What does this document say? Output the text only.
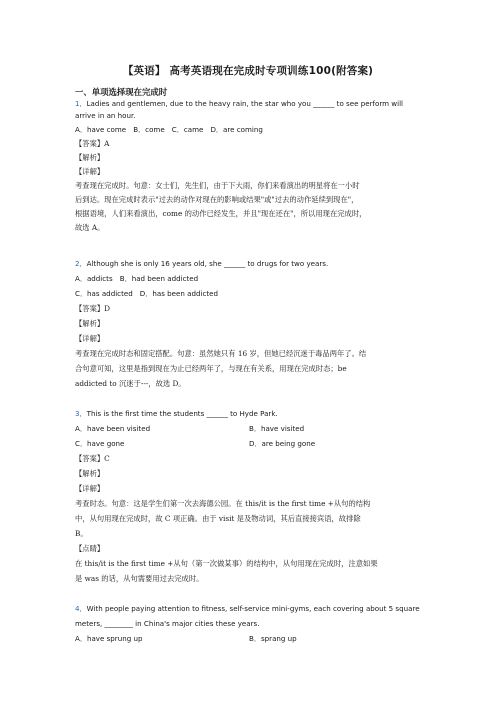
【英语】 高考英语现在完成时专项训练100(附答案)
一、单项选择现在完成时
1．Ladies and gentlemen, due to the heavy rain, the star who you ______ to see perform will
arrive in an hour.
A．have come　B．come　C．came　D．are coming
【答案】A
【解析】
【详解】
考查现在完成时。句意：女士们，先生们，由于下大雨，你们来看演出的明星将在一小时
后到达。现在完成时表示"过去的动作对现在的影响或结果"或"过去的动作延续到现在"，
根据语境，人们来看演出，come 的动作已经发生，并且"现在还在"，所以用现在完成时，
故选 A。
2．Although she is only 16 years old, she ______ to drugs for two years.
A．addicts　B．had been addicted
C．has addicted　D．has been addicted
【答案】D
【解析】
【详解】
考查现在完成时态和固定搭配。句意：虽然她只有 16 岁，但她已经沉迷于毒品两年了。结
合句意可知，这里是指到现在为止已经两年了，与现在有关系，用现在完成时态；be
addicted to 沉迷于---，故选 D。
3．This is the first time the students ______ to Hyde Park.
A．have been visited	B．have visited
C．have gone	D．are being gone
【答案】C
【解析】
【详解】
考查时态。句意：这是学生们第一次去海德公园。在 this/it is the first time +从句的结构
中，从句用现在完成时，故 C 项正确。由于 visit 是及物动词，其后直接接宾语，故排除
B。
【点睛】
在 this/it is the first time +从句（第一次做某事）的结构中，从句用现在完成时，注意如果
是 was 的话，从句需要用过去完成时。
4．With people paying attention to fitness, self-service mini-gyms, each covering about 5 square
meters, ________ in China's major cities these years.
A．have sprung up	B．sprang up
